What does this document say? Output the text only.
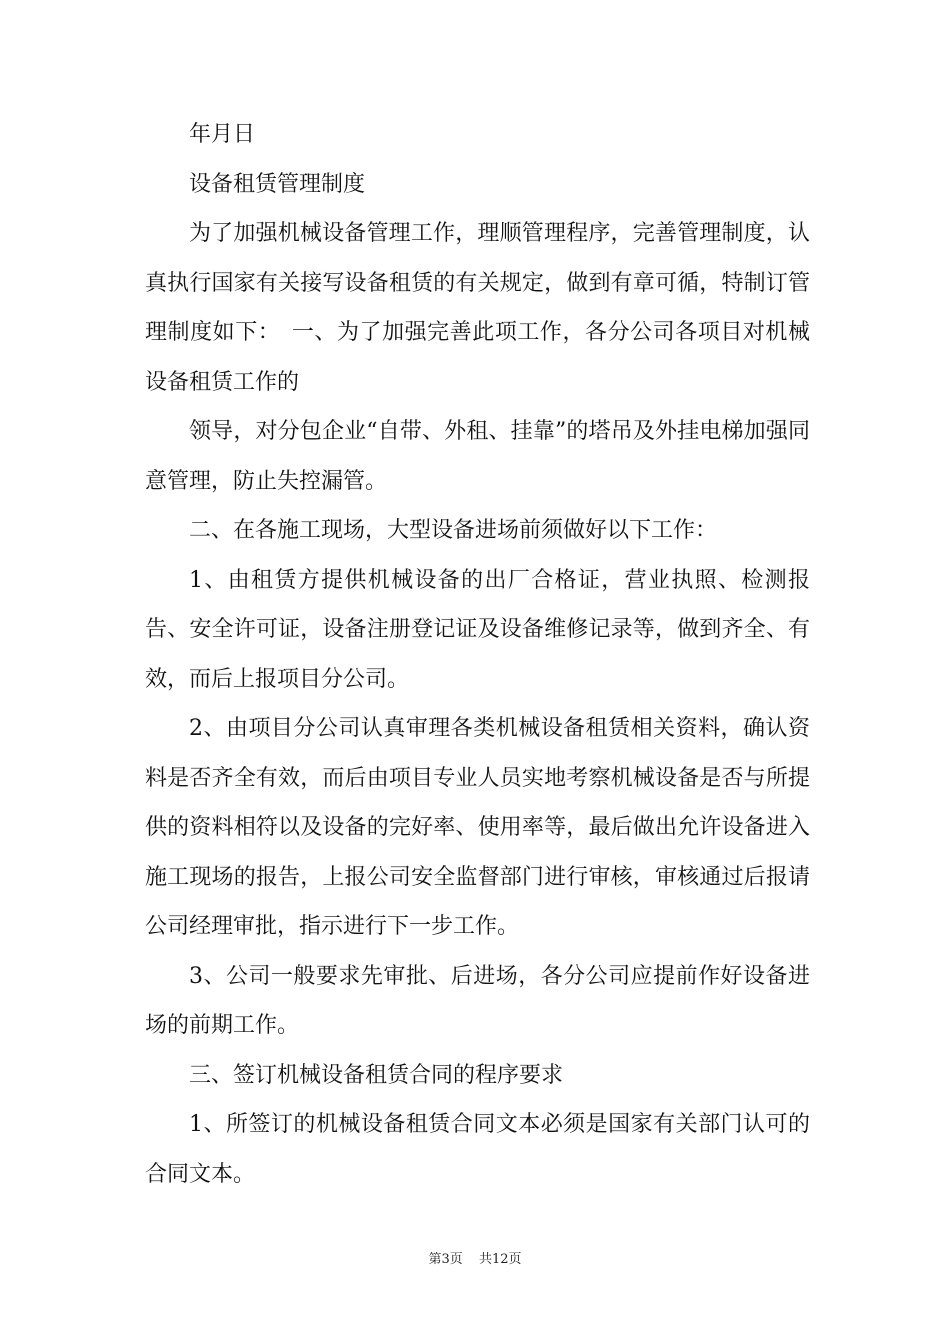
年月日

设备租赁管理制度

为了加强机械设备管理工作，理顺管理程序，完善管理制度，认真执行国家有关接写设备租赁的有关规定，做到有章可循，特制订管理制度如下：　一、为了加强完善此项工作，各分公司各项目对机械设备租赁工作的

领导，对分包企业“自带、外租、挂靠”的塔吊及外挂电梯加强同意管理，防止失控漏管。

二、在各施工现场，大型设备进场前须做好以下工作：

1、由租赁方提供机械设备的出厂合格证，营业执照、检测报告、安全许可证，设备注册登记证及设备维修记录等，做到齐全、有效，而后上报项目分公司。

2、由项目分公司认真审理各类机械设备租赁相关资料，确认资料是否齐全有效，而后由项目专业人员实地考察机械设备是否与所提供的资料相符以及设备的完好率、使用率等，最后做出允许设备进入施工现场的报告，上报公司安全监督部门进行审核，审核通过后报请公司经理审批，指示进行下一步工作。

3、公司一般要求先审批、后进场，各分公司应提前作好设备进场的前期工作。

三、签订机械设备租赁合同的程序要求

1、所签订的机械设备租赁合同文本必须是国家有关部门认可的合同文本。

第3页 共12页
